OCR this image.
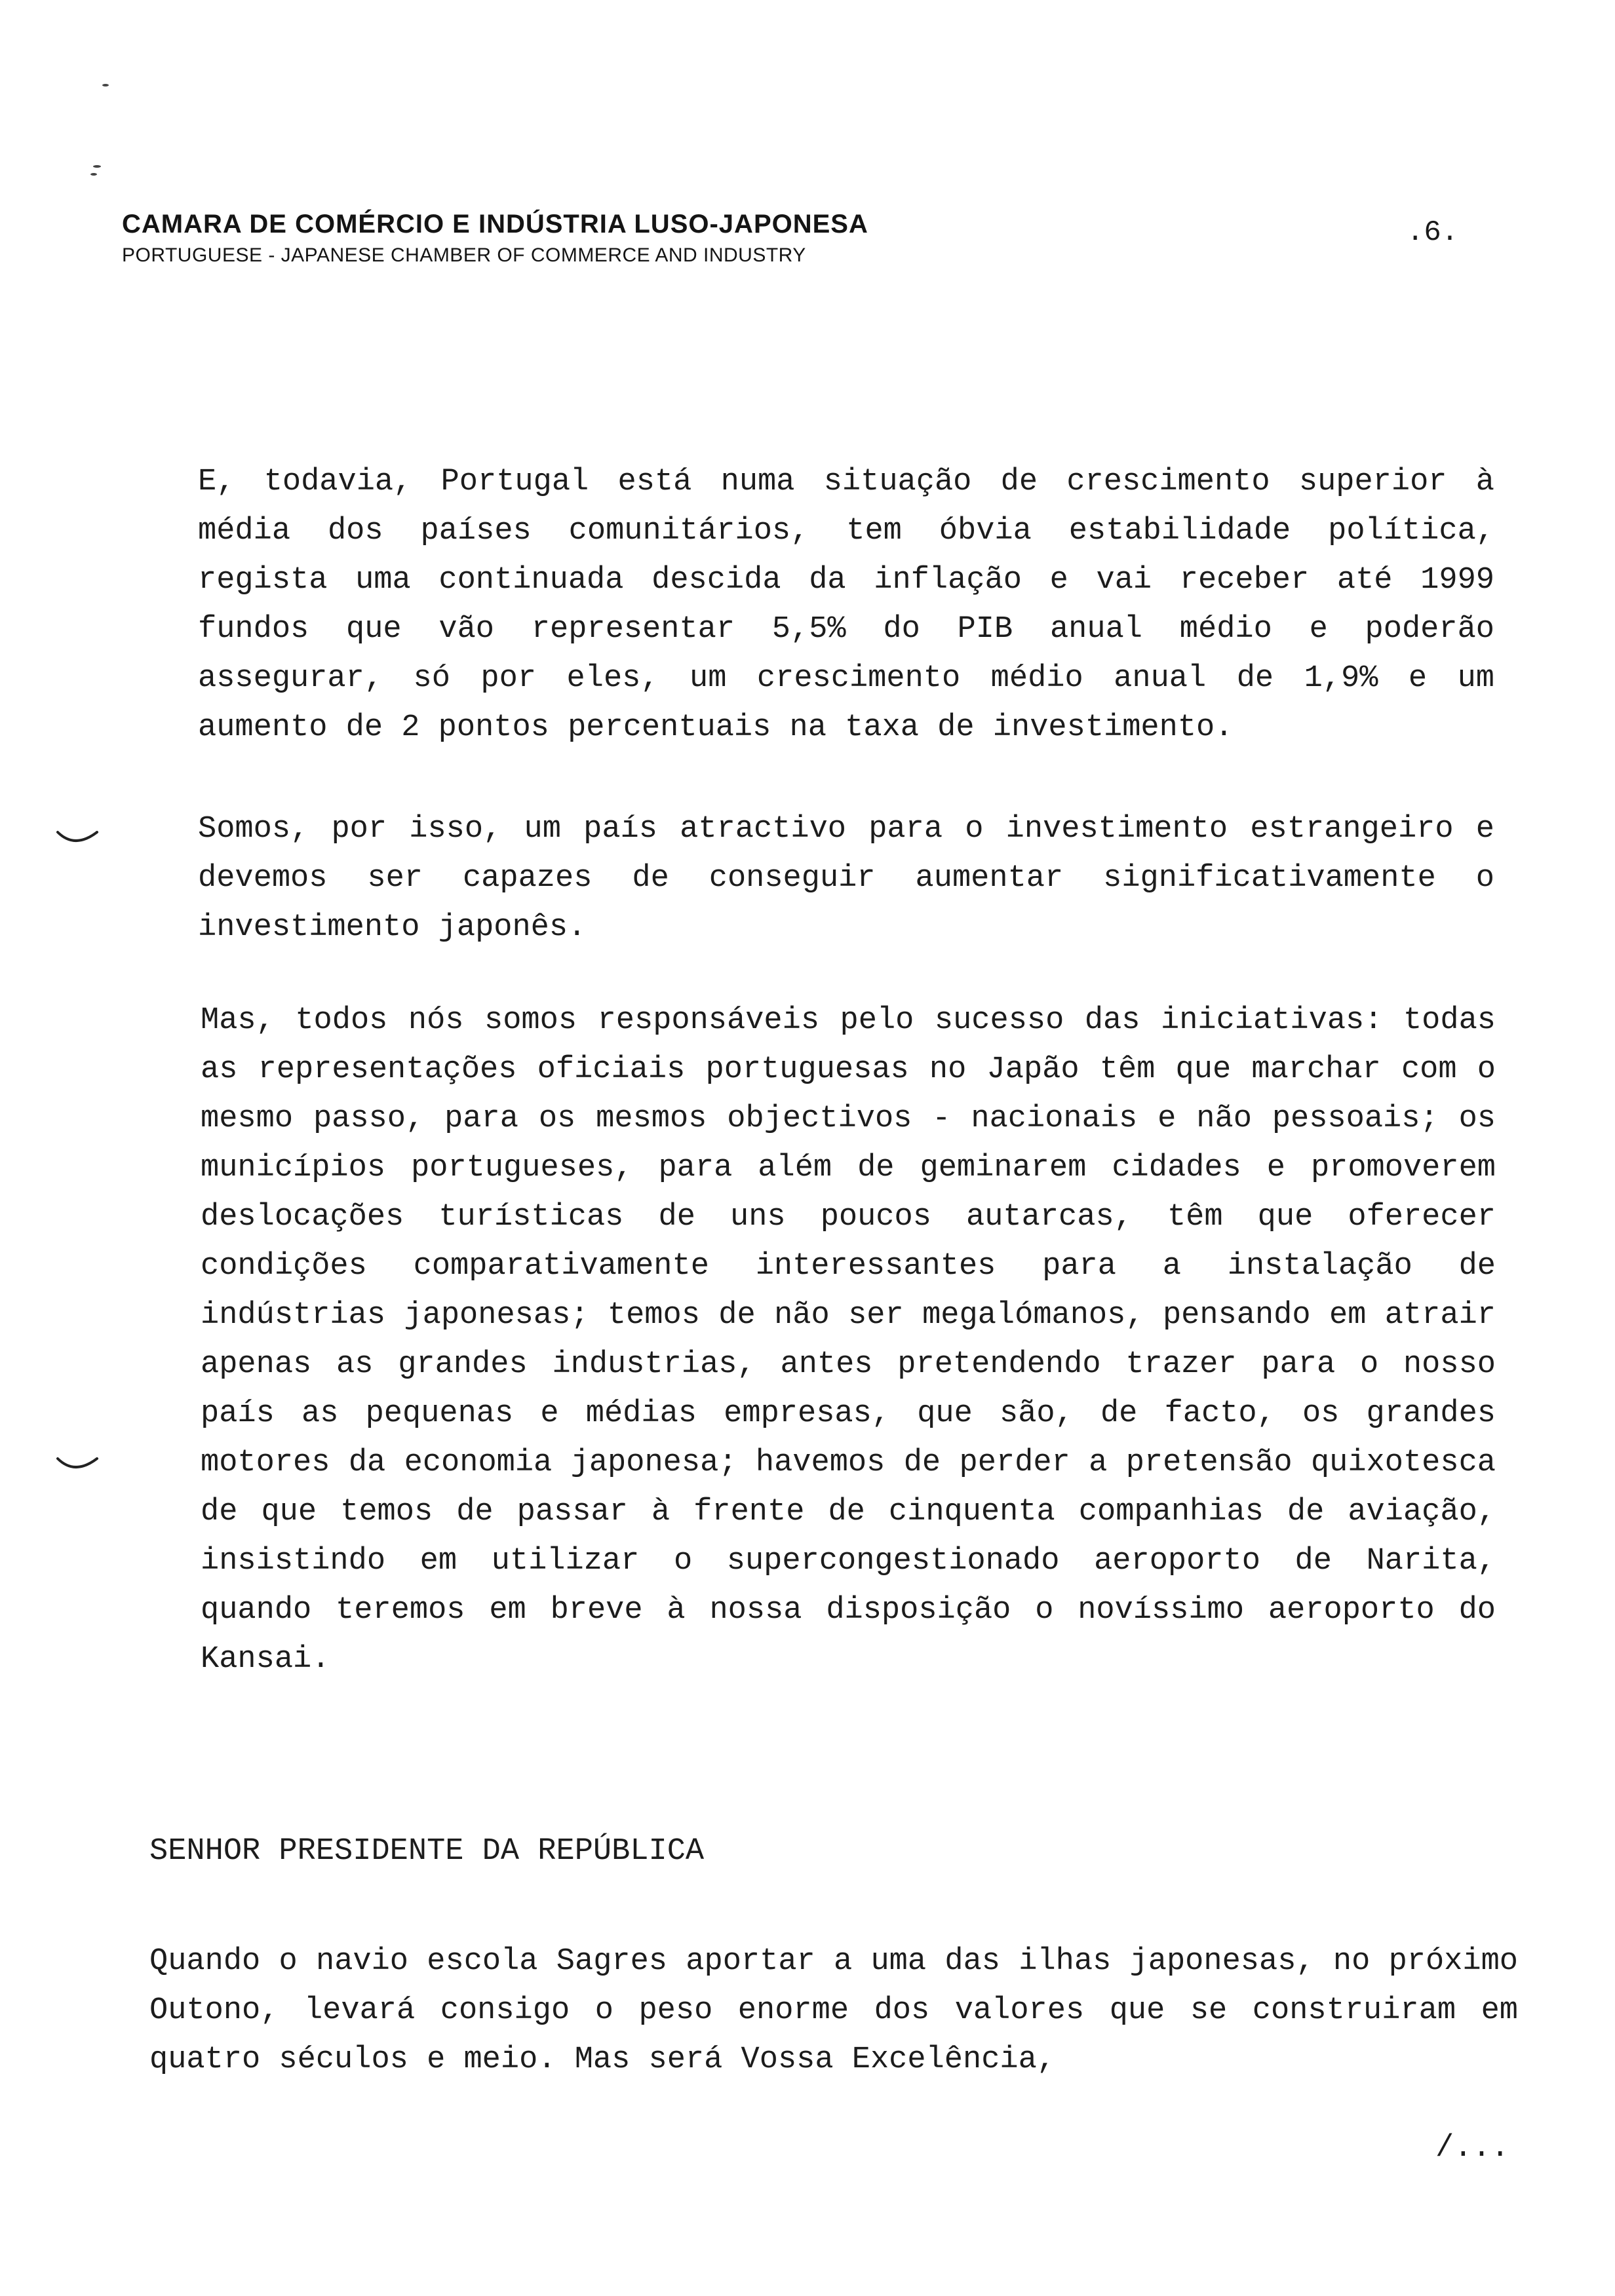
CAMARA DE COMÉRCIO E INDÚSTRIA LUSO-JAPONESA
PORTUGUESE - JAPANESE CHAMBER OF COMMERCE AND INDUSTRY
.6.
E, todavia, Portugal está numa situação de crescimento superior à média dos países comunitários, tem óbvia estabilidade política, regista uma continuada descida da inflação e vai receber até 1999 fundos que vão representar 5,5% do PIB anual médio e poderão assegurar, só por eles, um crescimento médio anual de 1,9% e um aumento de 2 pontos percentuais na taxa de investimento.
Somos, por isso, um país atractivo para o investimento estrangeiro e devemos ser capazes de conseguir aumentar significativamente o investimento japonês.
Mas, todos nós somos responsáveis pelo sucesso das iniciativas: todas as representações oficiais portuguesas no Japão têm que marchar com o mesmo passo, para os mesmos objectivos - nacionais e não pessoais; os municípios portugueses, para além de geminarem cidades e promoverem deslocações turísticas de uns poucos autarcas, têm que oferecer condições comparativamente interessantes para a instalação de indústrias japonesas; temos de não ser megalómanos, pensando em atrair apenas as grandes industrias, antes pretendendo trazer para o nosso país as pequenas e médias empresas, que são, de facto, os grandes motores da economia japonesa; havemos de perder a pretensão quixotesca de que temos de passar à frente de cinquenta companhias de aviação, insistindo em utilizar o supercongestionado aeroporto de Narita, quando teremos em breve à nossa disposição o novíssimo aeroporto do Kansai.
SENHOR PRESIDENTE DA REPÚBLICA
Quando o navio escola Sagres aportar a uma das ilhas japonesas, no próximo Outono, levará consigo o peso enorme dos valores que se construiram em quatro séculos e meio. Mas será Vossa Excelência,
/...
